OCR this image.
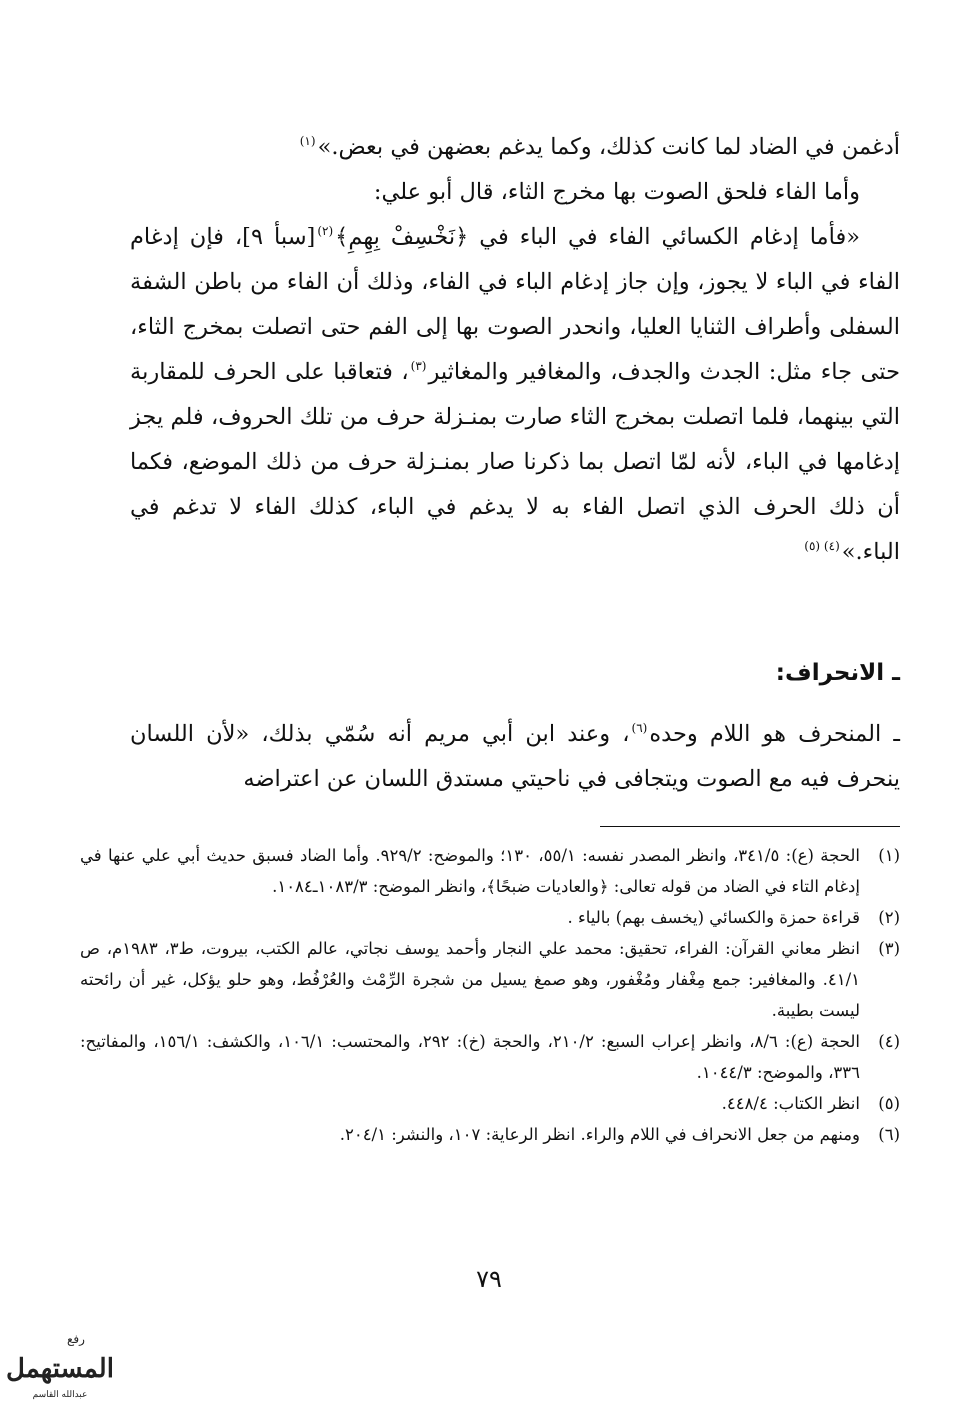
أدغمن في الضاد لما كانت كذلك، وكما يدغم بعضهن في بعض.»$^{(١)}$

وأما الفاء فلحق الصوت بها مخرج الثاء، قال أبو علي:

«فأما إدغام الكسائي الفاء في الباء في ﴿نَخْسِفْ بِهِمِ﴾$^{(٢)}$[سبأ ٩]، فإن إدغام الفاء في الباء لا يجوز، وإن جاز إدغام الباء في الفاء، وذلك أن الفاء من باطن الشفة السفلى وأطراف الثنايا العليا، وانحدر الصوت بها إلى الفم حتى اتصلت بمخرج الثاء، حتى جاء مثل: الجدث والجدف، والمغافير والمغاثير$^{(٣)}$، فتعاقبا على الحرف للمقاربة التي بينهما، فلما اتصلت بمخرج الثاء صارت بمنـزلة حرف من تلك الحروف، فلم يجز إدغامها في الباء، لأنه لمّا اتصل بما ذكرنا صار بمنـزلة حرف من ذلك الموضع، فكما أن ذلك الحرف الذي اتصل الفاء به لا يدغم في الباء، كذلك الفاء لا تدغم في الباء.»$^{(٤) (٥)}$

ـ الانحراف:

ـ المنحرف هو اللام وحده$^{(٦)}$، وعند ابن أبي مريم أنه سُمّي بذلك، «لأن اللسان ينحرف فيه مع الصوت ويتجافى في ناحيتي مستدق اللسان عن اعتراضه

(١)
الحجة (ع): ٣٤١/٥، وانظر المصدر نفسه: ٥٥/١، ١٣٠؛ والموضح: ٩٢٩/٢. وأما الضاد فسبق حديث أبي علي عنها في إدغام التاء في الضاد من قوله تعالى: ﴿والعاديات ضبحًا﴾، وانظر الموضح: ١٠٨٣/٣ـ١٠٨٤.
(٢)
قراءة حمزة والكسائي (يخسف بهم) بالياء .
(٣)
انظر معاني القرآن: الفراء، تحقيق: محمد علي النجار وأحمد يوسف نجاتي، عالم الكتب، بيروت، ط٣، ١٩٨٣م، ص ٤١/١. والمغافير: جمع مِغْفار ومُغْفور، وهو صمغ يسيل من شجرة الرِّمْث والعُرْفُط، وهو حلو يؤكل، غير أن رائحته ليست بطيبة.
(٤)
الحجة (ع): ٨/٦، وانظر إعراب السبع: ٢١٠/٢، والحجة (خ): ٢٩٢، والمحتسب: ١٠٦/١، والكشف: ١٥٦/١، والمفاتيح: ٣٣٦، والموضح: ١٠٤٤/٣.
(٥)
انظر الكتاب: ٤٤٨/٤.
(٦)
ومنهم من جعل الانحراف في اللام والراء. انظر الرعاية: ١٠٧، والنشر: ٢٠٤/١.
٧٩
رفع
المستهمل
عبدالله القاسم
